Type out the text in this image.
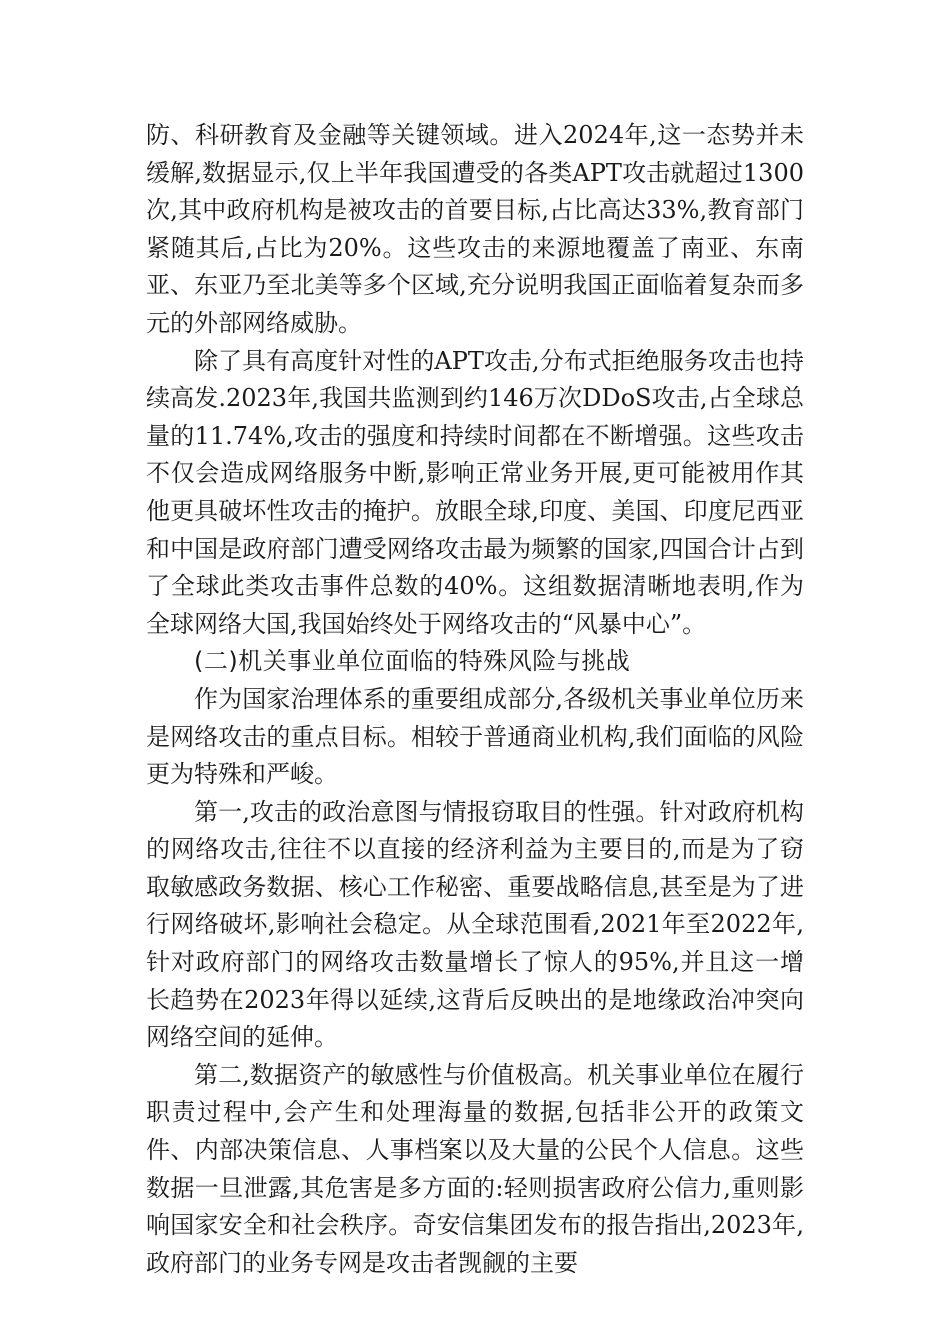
防、科研教育及金融等关键领域。进入2024年,这一态势并未缓解,数据显示,仅上半年我国遭受的各类APT攻击就超过1300次,其中政府机构是被攻击的首要目标,占比高达33%,教育部门紧随其后,占比为20%。这些攻击的来源地覆盖了南亚、东南亚、东亚乃至北美等多个区域,充分说明我国正面临着复杂而多元的外部网络威胁。

除了具有高度针对性的APT攻击,分布式拒绝服务攻击也持续高发.2023年,我国共监测到约146万次DDoS攻击,占全球总量的11.74%,攻击的强度和持续时间都在不断增强。这些攻击不仅会造成网络服务中断,影响正常业务开展,更可能被用作其他更具破坏性攻击的掩护。放眼全球,印度、美国、印度尼西亚和中国是政府部门遭受网络攻击最为频繁的国家,四国合计占到了全球此类攻击事件总数的40%。这组数据清晰地表明,作为全球网络大国,我国始终处于网络攻击的“风暴中心”。

(二)机关事业单位面临的特殊风险与挑战

作为国家治理体系的重要组成部分,各级机关事业单位历来是网络攻击的重点目标。相较于普通商业机构,我们面临的风险更为特殊和严峻。

第一,攻击的政治意图与情报窃取目的性强。针对政府机构的网络攻击,往往不以直接的经济利益为主要目的,而是为了窃取敏感政务数据、核心工作秘密、重要战略信息,甚至是为了进行网络破坏,影响社会稳定。从全球范围看,2021年至2022年,针对政府部门的网络攻击数量增长了惊人的95%,并且这一增长趋势在2023年得以延续,这背后反映出的是地缘政治冲突向网络空间的延伸。

第二,数据资产的敏感性与价值极高。机关事业单位在履行职责过程中,会产生和处理海量的数据,包括非公开的政策文件、内部决策信息、人事档案以及大量的公民个人信息。这些数据一旦泄露,其危害是多方面的:轻则损害政府公信力,重则影响国家安全和社会秩序。奇安信集团发布的报告指出,2023年,政府部门的业务专网是攻击者觊觎的主要
